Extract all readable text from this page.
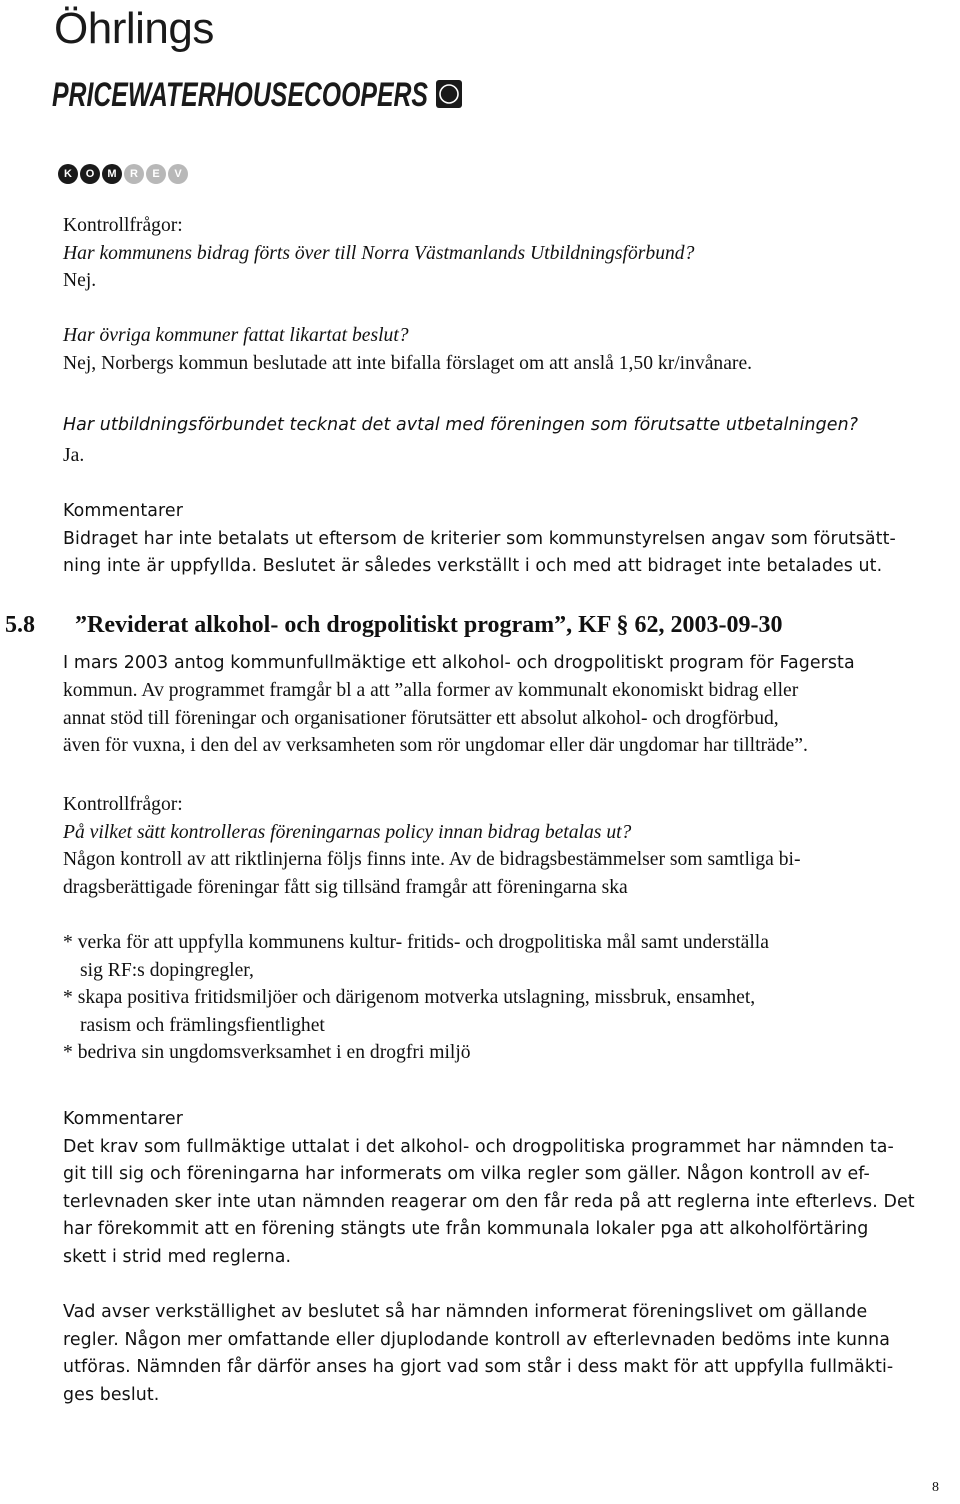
Öhrlings
PRICEWATERHOUSECOOPERS
K	O	M	R	E	V

Kontrollfrågor:

Har kommunens bidrag förts över till Norra Västmanlands Utbildningsförbund?

Nej.

Har övriga kommuner fattat likartat beslut?

Nej, Norbergs kommun beslutade att inte bifalla förslaget om att anslå 1,50 kr/invånare.

Har utbildningsförbundet tecknat det avtal med föreningen som förutsatte utbetalningen?

Ja.

Kommentarer

Bidraget har inte betalats ut eftersom de kriterier som kommunstyrelsen angav som förutsätt-

ning inte är uppfyllda. Beslutet är således verkställt i och med att bidraget inte betalades ut.

5.8 ”Reviderat alkohol- och drogpolitiskt program”, KF § 62, 2003-09-30

I mars 2003 antog kommunfullmäktige ett alkohol- och drogpolitiskt program för Fagersta

kommun. Av programmet framgår bl a att ”alla former av kommunalt ekonomiskt bidrag eller

annat stöd till föreningar och organisationer förutsätter ett absolut alkohol- och drogförbud,

även för vuxna, i den del av verksamheten som rör ungdomar eller där ungdomar har tillträde”.

Kontrollfrågor:

På vilket sätt kontrolleras föreningarnas policy innan bidrag betalas ut?

Någon kontroll av att riktlinjerna följs finns inte. Av de bidragsbestämmelser som samtliga bi-

dragsberättigade föreningar fått sig tillsänd framgår att föreningarna ska

* verka för att uppfylla kommunens kultur- fritids- och drogpolitiska mål samt underställa

sig RF:s dopingregler,

* skapa positiva fritidsmiljöer och därigenom motverka utslagning, missbruk, ensamhet,

rasism och främlingsfientlighet

* bedriva sin ungdomsverksamhet i en drogfri miljö

Kommentarer

Det krav som fullmäktige uttalat i det alkohol- och drogpolitiska programmet har nämnden ta-

git till sig och föreningarna har informerats om vilka regler som gäller. Någon kontroll av ef-

terlevnaden sker inte utan nämnden reagerar om den får reda på att reglerna inte efterlevs. Det

har förekommit att en förening stängts ute från kommunala lokaler pga att alkoholförtäring

skett i strid med reglerna.

Vad avser verkställighet av beslutet så har nämnden informerat föreningslivet om gällande

regler. Någon mer omfattande eller djuplodande kontroll av efterlevnaden bedöms inte kunna

utföras. Nämnden får därför anses ha gjort vad som står i dess makt för att uppfylla fullmäkti-

ges beslut.

8
